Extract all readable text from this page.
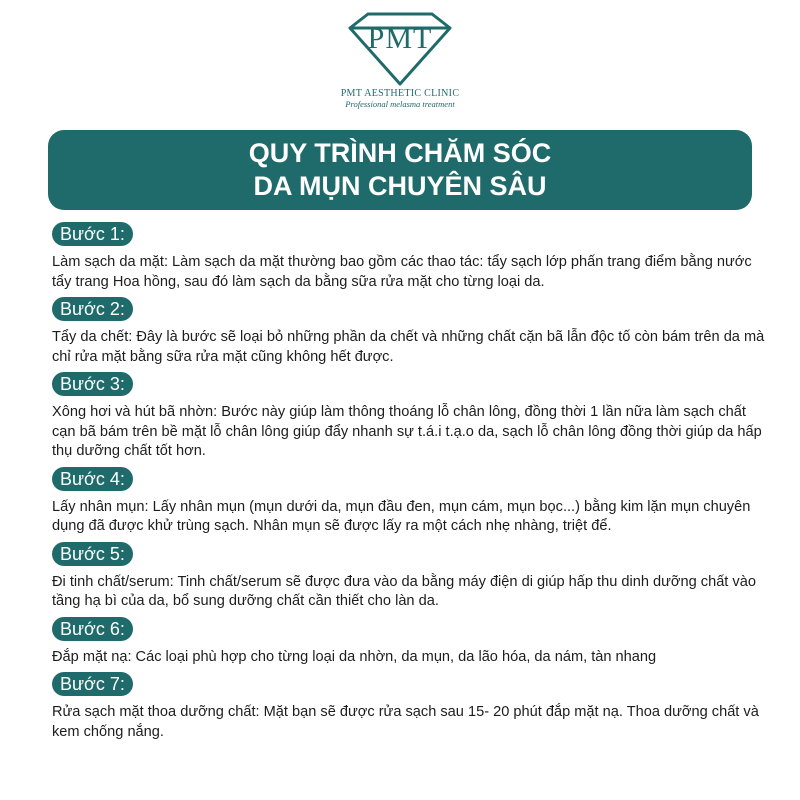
PMT
PMT AESTHETIC CLINIC
Professional melasma treatment
QUY TRÌNH CHĂM SÓC
DA MỤN CHUYÊN SÂU
Bước 1:

Làm sạch da mặt: Làm sạch da mặt thường bao gồm các thao tác: tẩy sạch lớp phấn trang điểm bằng nước tẩy trang Hoa hồng, sau đó làm sạch da bằng sữa rửa mặt cho từng loại da.

Bước 2:

Tẩy da chết: Đây là bước sẽ loại bỏ những phần da chết và những chất cặn bã lẫn độc tố còn bám trên da mà chỉ rửa mặt bằng sữa rửa mặt cũng không hết được.

Bước 3:

Xông hơi và hút bã nhờn: Bước này giúp làm thông thoáng lỗ chân lông, đồng thời 1 lần nữa làm sạch chất cạn bã bám trên bề mặt lỗ chân lông giúp đẩy nhanh sự t.á.i t.ạ.o da, sạch lỗ chân lông đồng thời giúp da hấp thụ dưỡng chất tốt hơn.

Bước 4:

Lấy nhân mụn: Lấy nhân mụn (mụn dưới da, mụn đầu đen, mụn cám, mụn bọc...) bằng kim lặn mụn chuyên dụng đã được khử trùng sạch. Nhân mụn sẽ được lấy ra một cách nhẹ nhàng, triệt để.

Bước 5:

Đi tinh chất/serum: Tinh chất/serum sẽ được đưa vào da bằng máy điện di giúp hấp thu dinh dưỡng chất vào tầng hạ bì của da, bổ sung dưỡng chất cần thiết cho làn da.

Bước 6:

Đắp mặt nạ: Các loại phù hợp cho từng loại da nhờn, da mụn, da lão hóa, da nám, tàn nhang

Bước 7:

Rửa sạch mặt thoa dưỡng chất: Mặt bạn sẽ được rửa sạch sau 15- 20 phút đắp mặt nạ. Thoa dưỡng chất và kem chống nắng.
